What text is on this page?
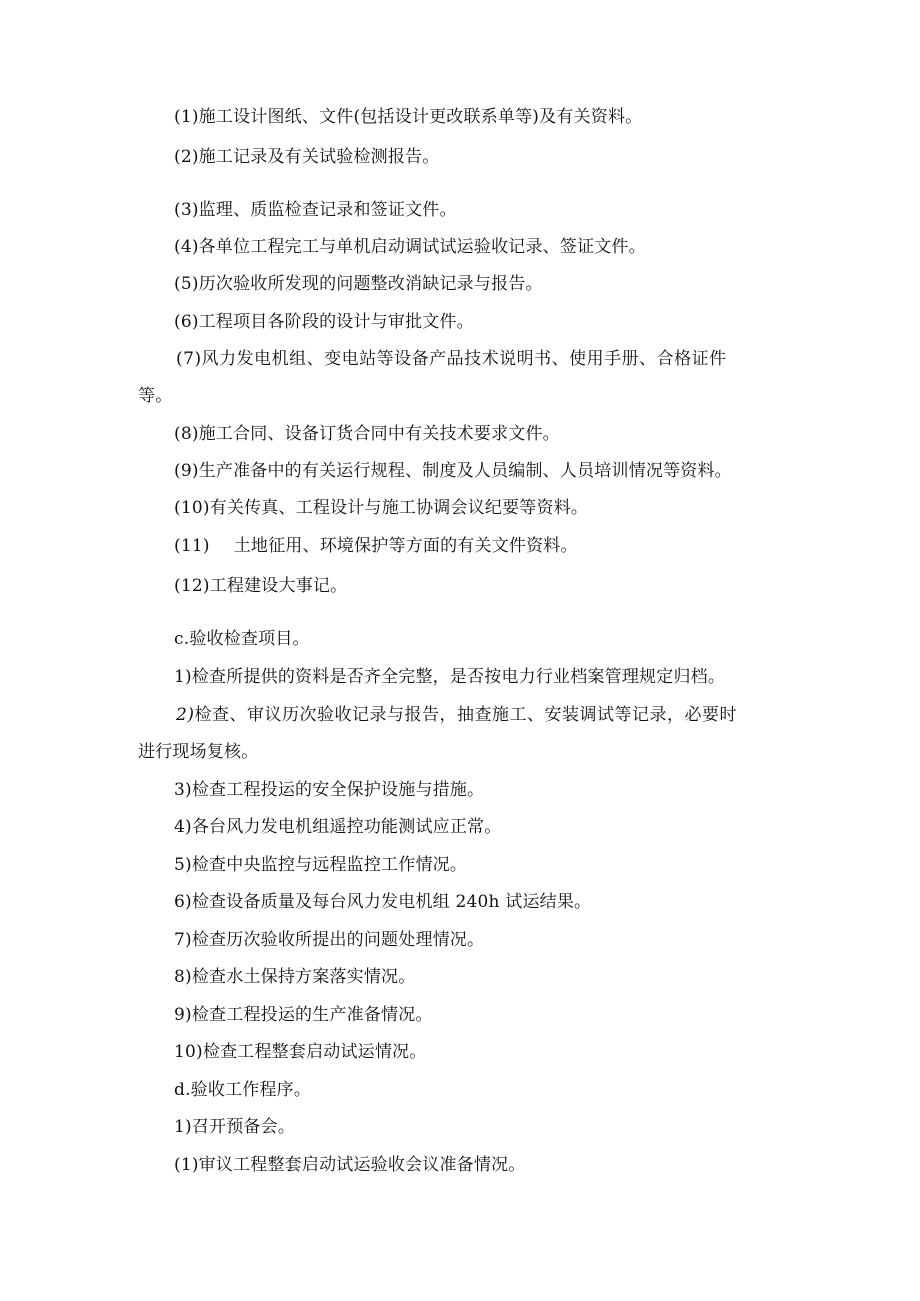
(1)施工设计图纸、文件(包括设计更改联系单等)及有关资料。
(2)施工记录及有关试验检测报告。
(3)监理、质监检查记录和签证文件。
(4)各单位工程完工与单机启动调试试运验收记录、签证文件。
(5)历次验收所发现的问题整改消缺记录与报告。
(6)工程项目各阶段的设计与审批文件。
(7)风力发电机组、变电站等设备产品技术说明书、使用手册、合格证件
等。
(8)施工合同、设备订货合同中有关技术要求文件。
(9)生产准备中的有关运行规程、制度及人员编制、人员培训情况等资料。
(10)有关传真、工程设计与施工协调会议纪要等资料。
(11) 土地征用、环境保护等方面的有关文件资料。
(12)工程建设大事记。
c.验收检查项目。
1)检查所提供的资料是否齐全完整，是否按电力行业档案管理规定归档。
2)检查、审议历次验收记录与报告，抽查施工、安装调试等记录，必要时
进行现场复核。
3)检查工程投运的安全保护设施与措施。
4)各台风力发电机组遥控功能测试应正常。
5)检查中央监控与远程监控工作情况。
6)检查设备质量及每台风力发电机组 240h 试运结果。
7)检查历次验收所提出的问题处理情况。
8)检查水土保持方案落实情况。
9)检查工程投运的生产准备情况。
10)检查工程整套启动试运情况。
d.验收工作程序。
1)召开预备会。
(1)审议工程整套启动试运验收会议准备情况。
